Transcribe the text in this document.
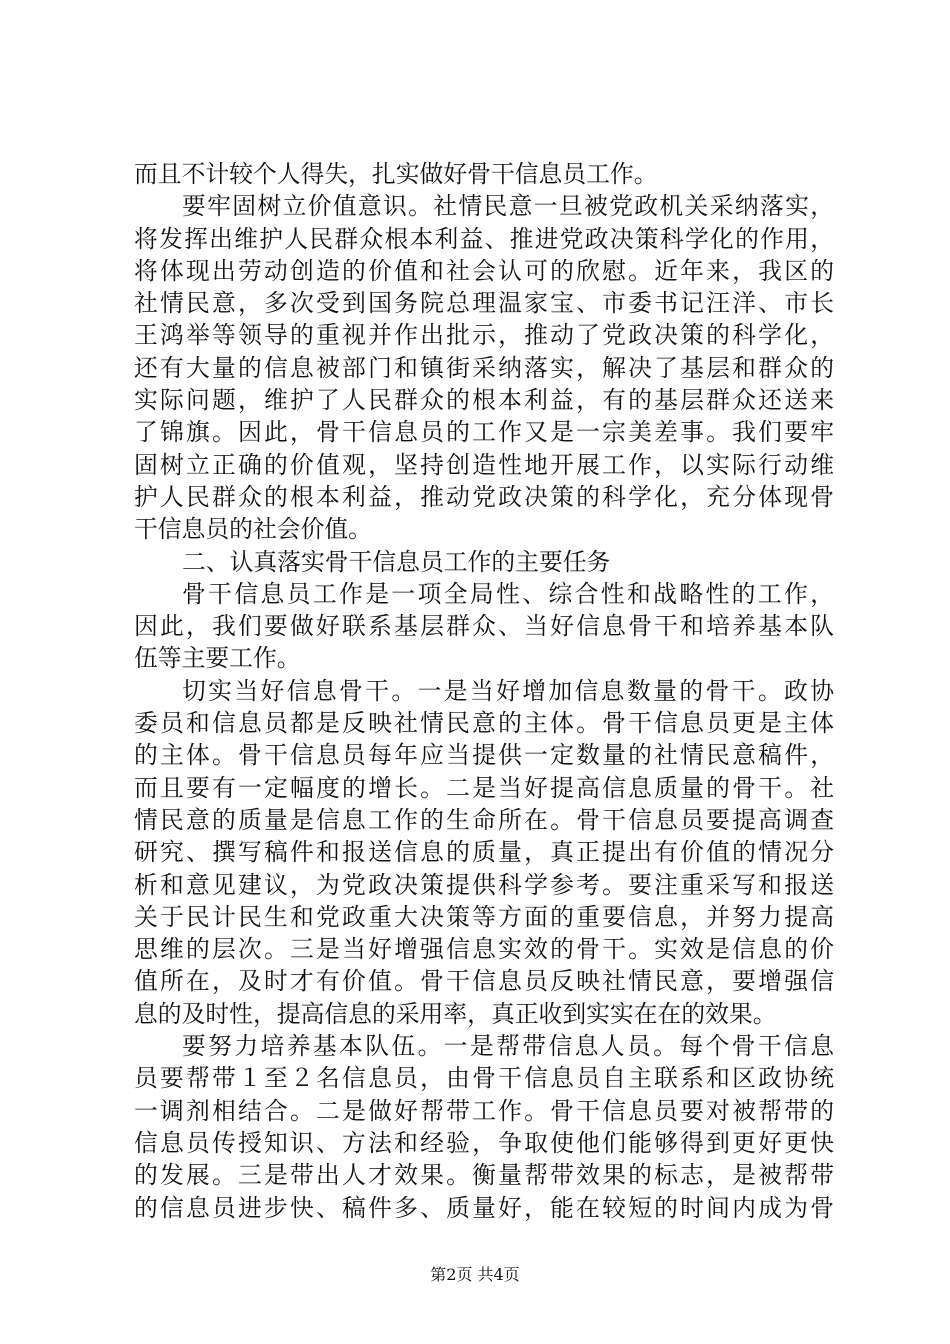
而且不计较个人得失，扎实做好骨干信息员工作。
要牢固树立价值意识。社情民意一旦被党政机关采纳落实，
将发挥出维护人民群众根本利益、推进党政决策科学化的作用，
将体现出劳动创造的价值和社会认可的欣慰。近年来，我区的
社情民意，多次受到国务院总理温家宝、市委书记汪洋、市长
王鸿举等领导的重视并作出批示，推动了党政决策的科学化，
还有大量的信息被部门和镇街采纳落实，解决了基层和群众的
实际问题，维护了人民群众的根本利益，有的基层群众还送来
了锦旗。因此，骨干信息员的工作又是一宗美差事。我们要牢
固树立正确的价值观，坚持创造性地开展工作，以实际行动维
护人民群众的根本利益，推动党政决策的科学化，充分体现骨
干信息员的社会价值。
二、认真落实骨干信息员工作的主要任务
骨干信息员工作是一项全局性、综合性和战略性的工作，
因此，我们要做好联系基层群众、当好信息骨干和培养基本队
伍等主要工作。
切实当好信息骨干。一是当好增加信息数量的骨干。政协
委员和信息员都是反映社情民意的主体。骨干信息员更是主体
的主体。骨干信息员每年应当提供一定数量的社情民意稿件，
而且要有一定幅度的增长。二是当好提高信息质量的骨干。社
情民意的质量是信息工作的生命所在。骨干信息员要提高调查
研究、撰写稿件和报送信息的质量，真正提出有价值的情况分
析和意见建议，为党政决策提供科学参考。要注重采写和报送
关于民计民生和党政重大决策等方面的重要信息，并努力提高
思维的层次。三是当好增强信息实效的骨干。实效是信息的价
值所在，及时才有价值。骨干信息员反映社情民意，要增强信
息的及时性，提高信息的采用率，真正收到实实在在的效果。
要努力培养基本队伍。一是帮带信息人员。每个骨干信息
员要帮带１至２名信息员，由骨干信息员自主联系和区政协统
一调剂相结合。二是做好帮带工作。骨干信息员要对被帮带的
信息员传授知识、方法和经验，争取使他们能够得到更好更快
的发展。三是带出人才效果。衡量帮带效果的标志，是被帮带
的信息员进步快、稿件多、质量好，能在较短的时间内成为骨
第2页 共4页
